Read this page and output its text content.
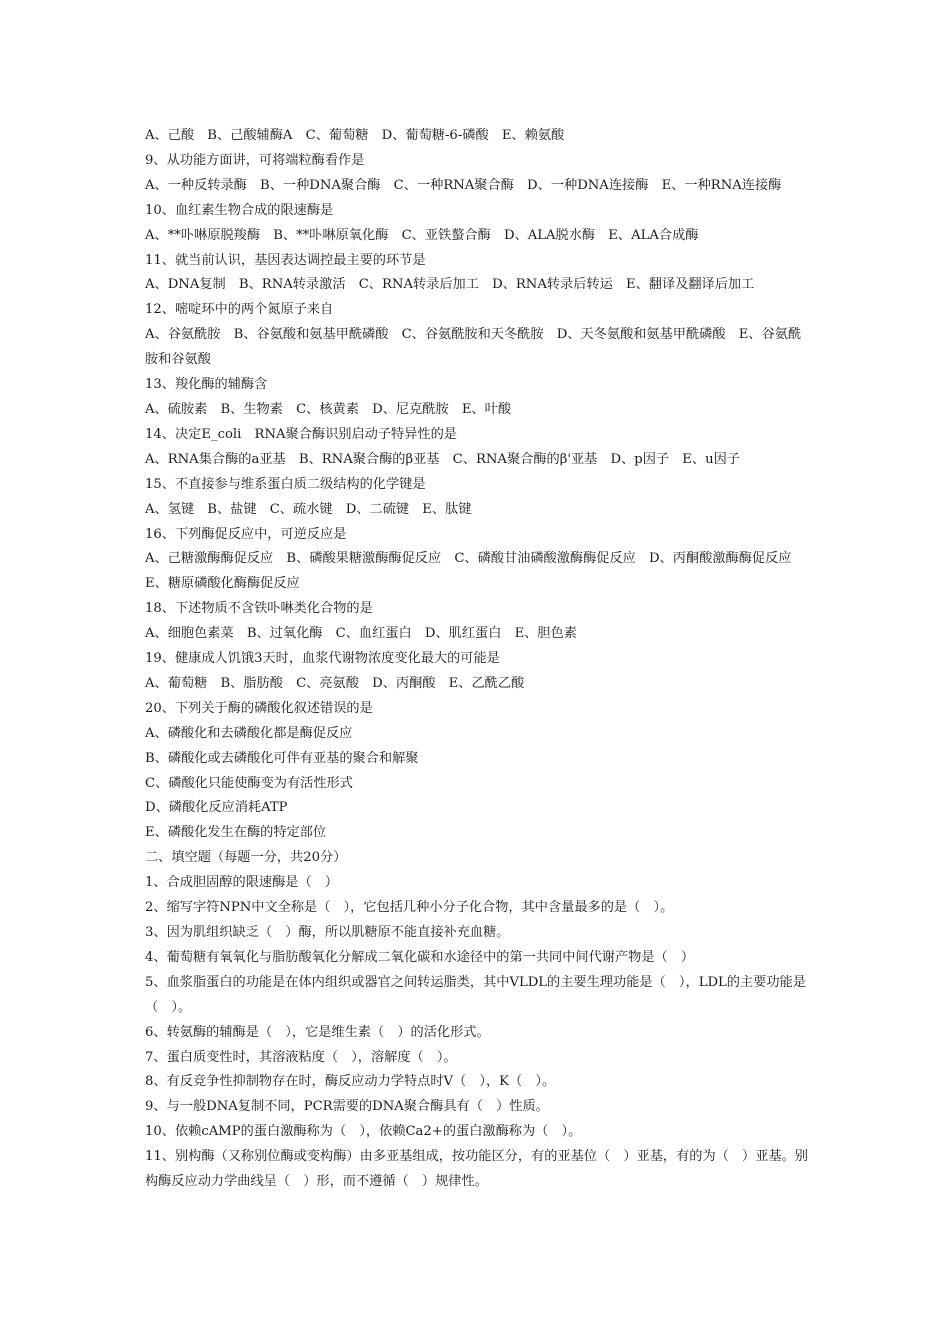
A、己酸　B、己酸辅酶A　C、葡萄糖　D、葡萄糖-6-磷酸　E、赖氨酸

9、从功能方面讲，可将端粒酶看作是

A、一种反转录酶　B、一种DNA聚合酶　C、一种RNA聚合酶　D、一种DNA连接酶　E、一种RNA连接酶

10、血红素生物合成的限速酶是

A、**卟啉原脱羧酶　B、**卟啉原氧化酶　C、亚铁螯合酶　D、ALA脱水酶　E、ALA合成酶

11、就当前认识，基因表达调控最主要的环节是

A、DNA复制　B、RNA转录激活　C、RNA转录后加工　D、RNA转录后转运　E、翻译及翻译后加工

12、嘧啶环中的两个氮原子来自

A、谷氨酰胺　B、谷氨酸和氨基甲酰磷酸　C、谷氨酰胺和天冬酰胺　D、天冬氨酸和氨基甲酰磷酸　E、谷氨酰胺和谷氨酸

13、羧化酶的辅酶含

A、硫胺素　B、生物素　C、核黄素　D、尼克酰胺　E、叶酸

14、决定E_coli　RNA聚合酶识别启动子特异性的是

A、RNA集合酶的a亚基　B、RNA聚合酶的β亚基　C、RNA聚合酶的β'亚基　D、p因子　E、u因子

15、不直接参与维系蛋白质二级结构的化学键是

A、氢键　B、盐键　C、疏水键　D、二硫键　E、肽键

16、下列酶促反应中，可逆反应是

A、己糖激酶酶促反应　B、磷酸果糖激酶酶促反应　C、磷酸甘油磷酸激酶酶促反应　D、丙酮酸激酶酶促反应　E、糖原磷酸化酶酶促反应

18、下述物质不含铁卟啉类化合物的是

A、细胞色素菜　B、过氧化酶　C、血红蛋白　D、肌红蛋白　E、胆色素

19、健康成人饥饿3天时，血浆代谢物浓度变化最大的可能是

A、葡萄糖　B、脂肪酸　C、亮氨酸　D、丙酮酸　E、乙酰乙酸

20、下列关于酶的磷酸化叙述错误的是

A、磷酸化和去磷酸化都是酶促反应

B、磷酸化或去磷酸化可伴有亚基的聚合和解聚

C、磷酸化只能使酶变为有活性形式

D、磷酸化反应消耗ATP

E、磷酸化发生在酶的特定部位

二、填空题（每题一分，共20分）

1、合成胆固醇的限速酶是（　）

2、缩写字符NPN中文全称是（　），它包括几种小分子化合物，其中含量最多的是（　）。

3、因为肌组织缺乏（　）酶，所以肌糖原不能直接补充血糖。

4、葡萄糖有氧氧化与脂肪酸氧化分解成二氧化碳和水途径中的第一共同中间代谢产物是（　）

5、血浆脂蛋白的功能是在体内组织或器官之间转运脂类，其中VLDL的主要生理功能是（　），LDL的主要功能是（　）。

6、转氨酶的辅酶是（　），它是维生素（　）的活化形式。

7、蛋白质变性时，其溶液粘度（　），溶解度（　）。

8、有反竞争性抑制物存在时，酶反应动力学特点时V（　），K（　）。

9、与一般DNA复制不同，PCR需要的DNA聚合酶具有（　）性质。

10、依赖cAMP的蛋白激酶称为（　），依赖Ca2+的蛋白激酶称为（　）。

11、别构酶（又称别位酶或变构酶）由多亚基组成，按功能区分，有的亚基位（　）亚基，有的为（　）亚基。别构酶反应动力学曲线呈（　）形，而不遵循（　）规律性。
